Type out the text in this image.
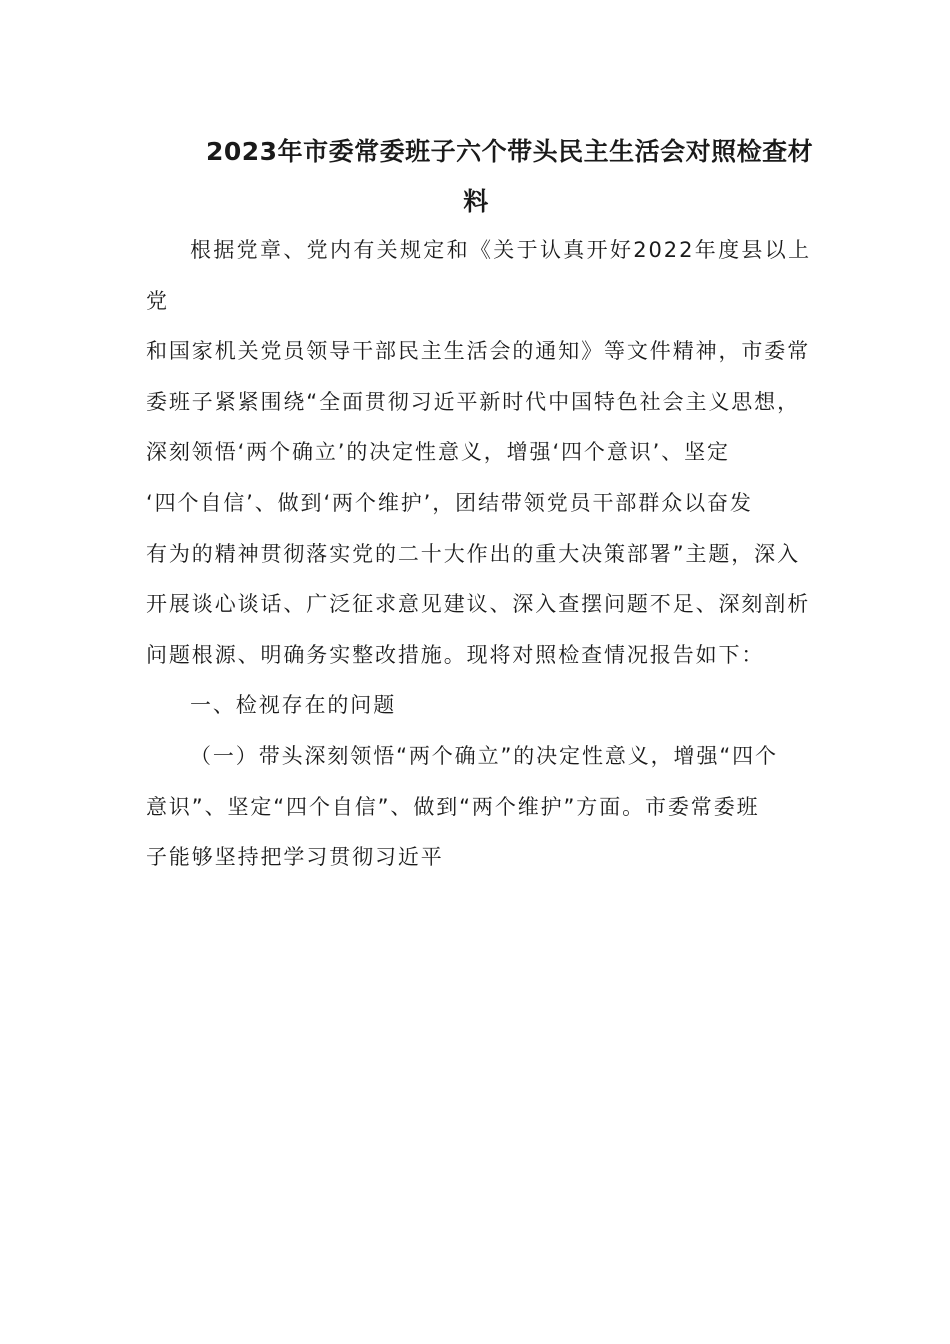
2023年市委常委班子六个带头民主生活会对照检查材
料

根据党章、党内有关规定和《关于认真开好2022年度县以上党

和国家机关党员领导干部民主生活会的通知》等文件精神，市委常

委班子紧紧围绕“全面贯彻习近平新时代中国特色社会主义思想，

深刻领悟‘两个确立’的决定性意义，增强‘四个意识’、坚定

‘四个自信’、做到‘两个维护’，团结带领党员干部群众以奋发

有为的精神贯彻落实党的二十大作出的重大决策部署”主题，深入

开展谈心谈话、广泛征求意见建议、深入查摆问题不足、深刻剖析

问题根源、明确务实整改措施。现将对照检查情况报告如下：

一、检视存在的问题

（一）带头深刻领悟“两个确立”的决定性意义，增强“四个

意识”、坚定“四个自信”、做到“两个维护”方面。市委常委班

子能够坚持把学习贯彻习近平
